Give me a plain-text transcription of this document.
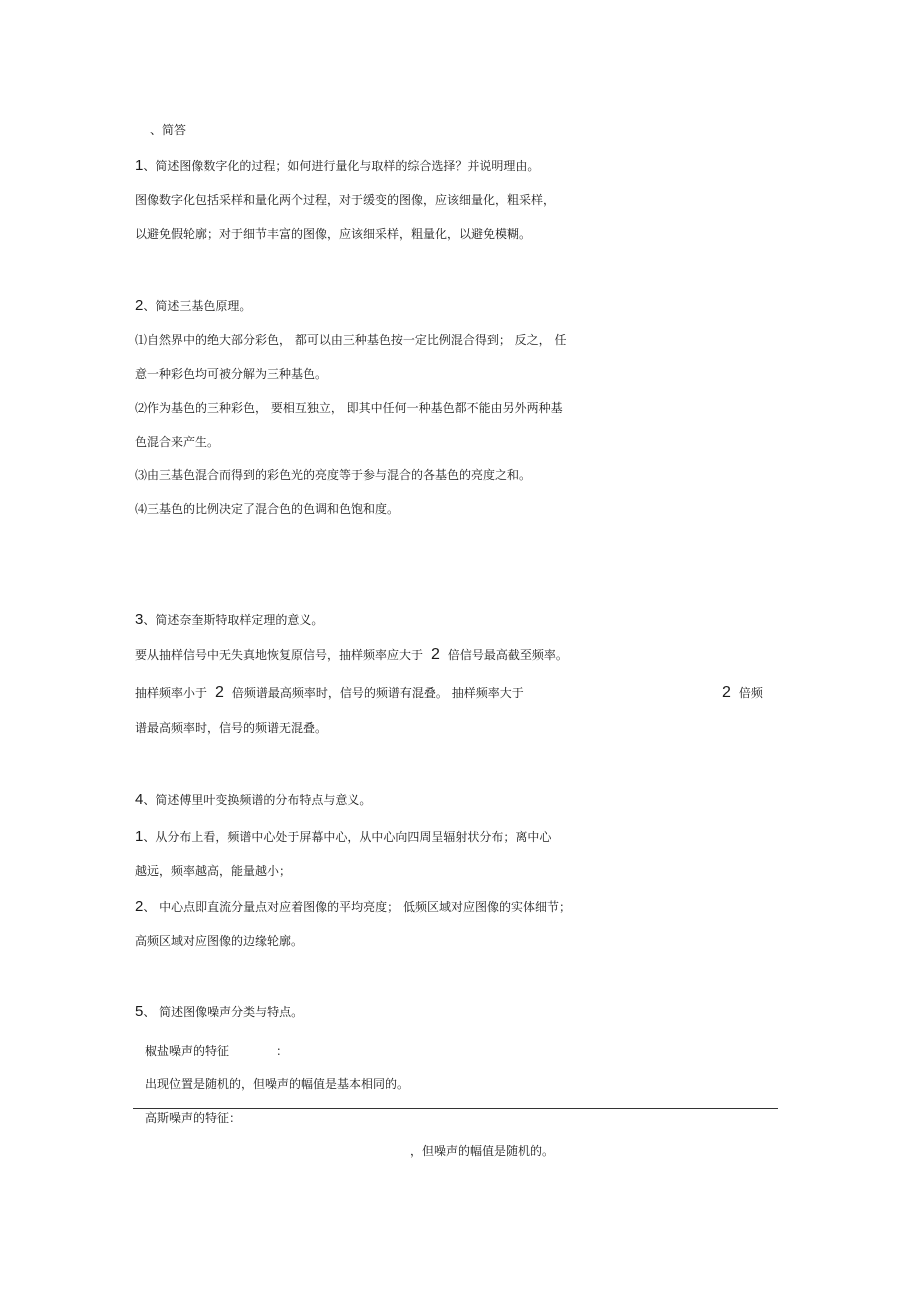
、简答
1、简述图像数字化的过程；如何进行量化与取样的综合选择？并说明理由。
图像数字化包括采样和量化两个过程，对于缓变的图像，应该细量化，粗采样，
以避免假轮廓；对于细节丰富的图像，应该细采样，粗量化，以避免模糊。
2、简述三基色原理。
⑴自然界中的绝大部分彩色， 都可以由三种基色按一定比例混合得到； 反之， 任
意一种彩色均可被分解为三种基色。
⑵作为基色的三种彩色， 要相互独立， 即其中任何一种基色都不能由另外两种基
色混合来产生。
⑶由三基色混合而得到的彩色光的亮度等于参与混合的各基色的亮度之和。
⑷三基色的比例决定了混合色的色调和色饱和度。
3、简述奈奎斯特取样定理的意义。
要从抽样信号中无失真地恢复原信号，抽样频率应大于 2 倍信号最高截至频率。
抽样频率小于 2 倍频谱最高频率时，信号的频谱有混叠。 抽样频率大于	2 倍频
谱最高频率时，信号的频谱无混叠。
4、简述傅里叶变换频谱的分布特点与意义。
1、从分布上看，频谱中心处于屏幕中心，从中心向四周呈辐射状分布；离中心
越远，频率越高，能量越小；
2、 中心点即直流分量点对应着图像的平均亮度； 低频区域对应图像的实体细节；
高频区域对应图像的边缘轮廓。
5、 简述图像噪声分类与特点。
椒盐噪声的特征	：
出现位置是随机的，但噪声的幅值是基本相同的。
高斯噪声的特征：
，但噪声的幅值是随机的。
